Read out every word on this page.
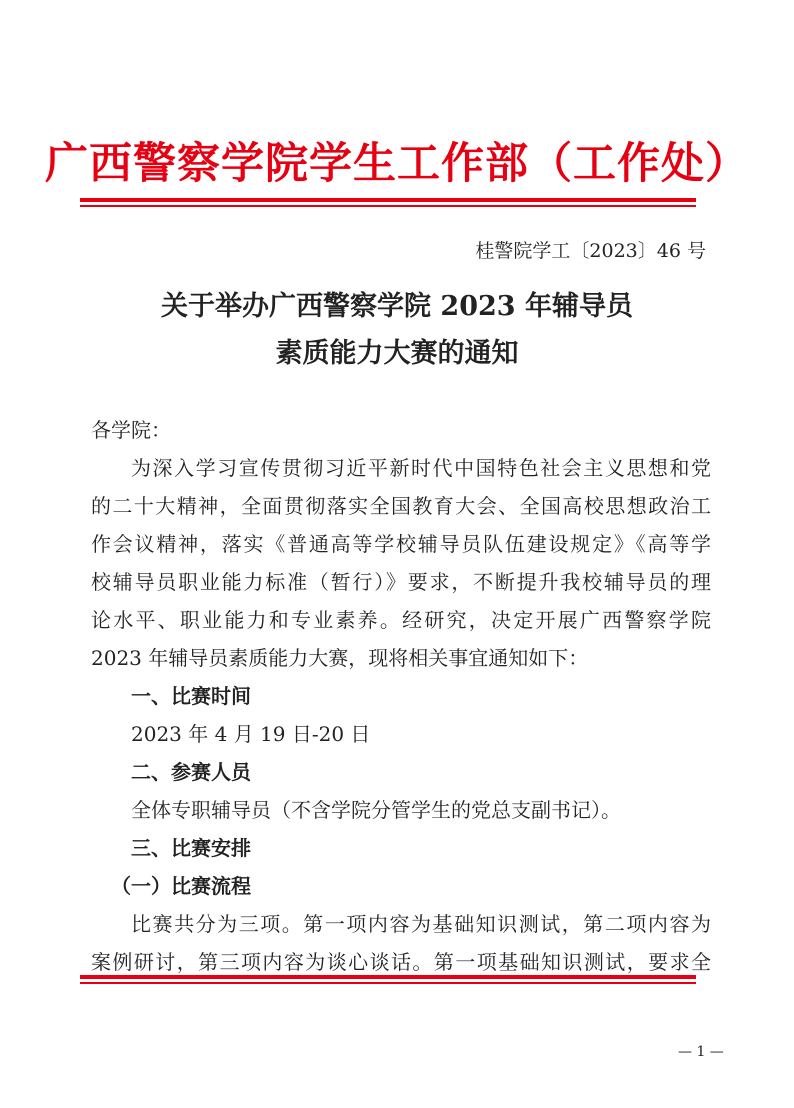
广西警察学院学生工作部（工作处）
桂警院学工〔2023〕46 号
关于举办广西警察学院 2023 年辅导员
素质能力大赛的通知
各学院：
为深入学习宣传贯彻习近平新时代中国特色社会主义思想和党
的二十大精神，全面贯彻落实全国教育大会、全国高校思想政治工
作会议精神，落实《普通高等学校辅导员队伍建设规定》《高等学
校辅导员职业能力标准（暂行）》要求，不断提升我校辅导员的理
论水平、职业能力和专业素养。经研究，决定开展广西警察学院
2023 年辅导员素质能力大赛，现将相关事宜通知如下：
一、比赛时间
2023 年 4 月 19 日-20 日
二、参赛人员
全体专职辅导员（不含学院分管学生的党总支副书记）。
三、比赛安排
（一）比赛流程
比赛共分为三项。第一项内容为基础知识测试，第二项内容为
案例研讨，第三项内容为谈心谈话。第一项基础知识测试，要求全
— 1 —
